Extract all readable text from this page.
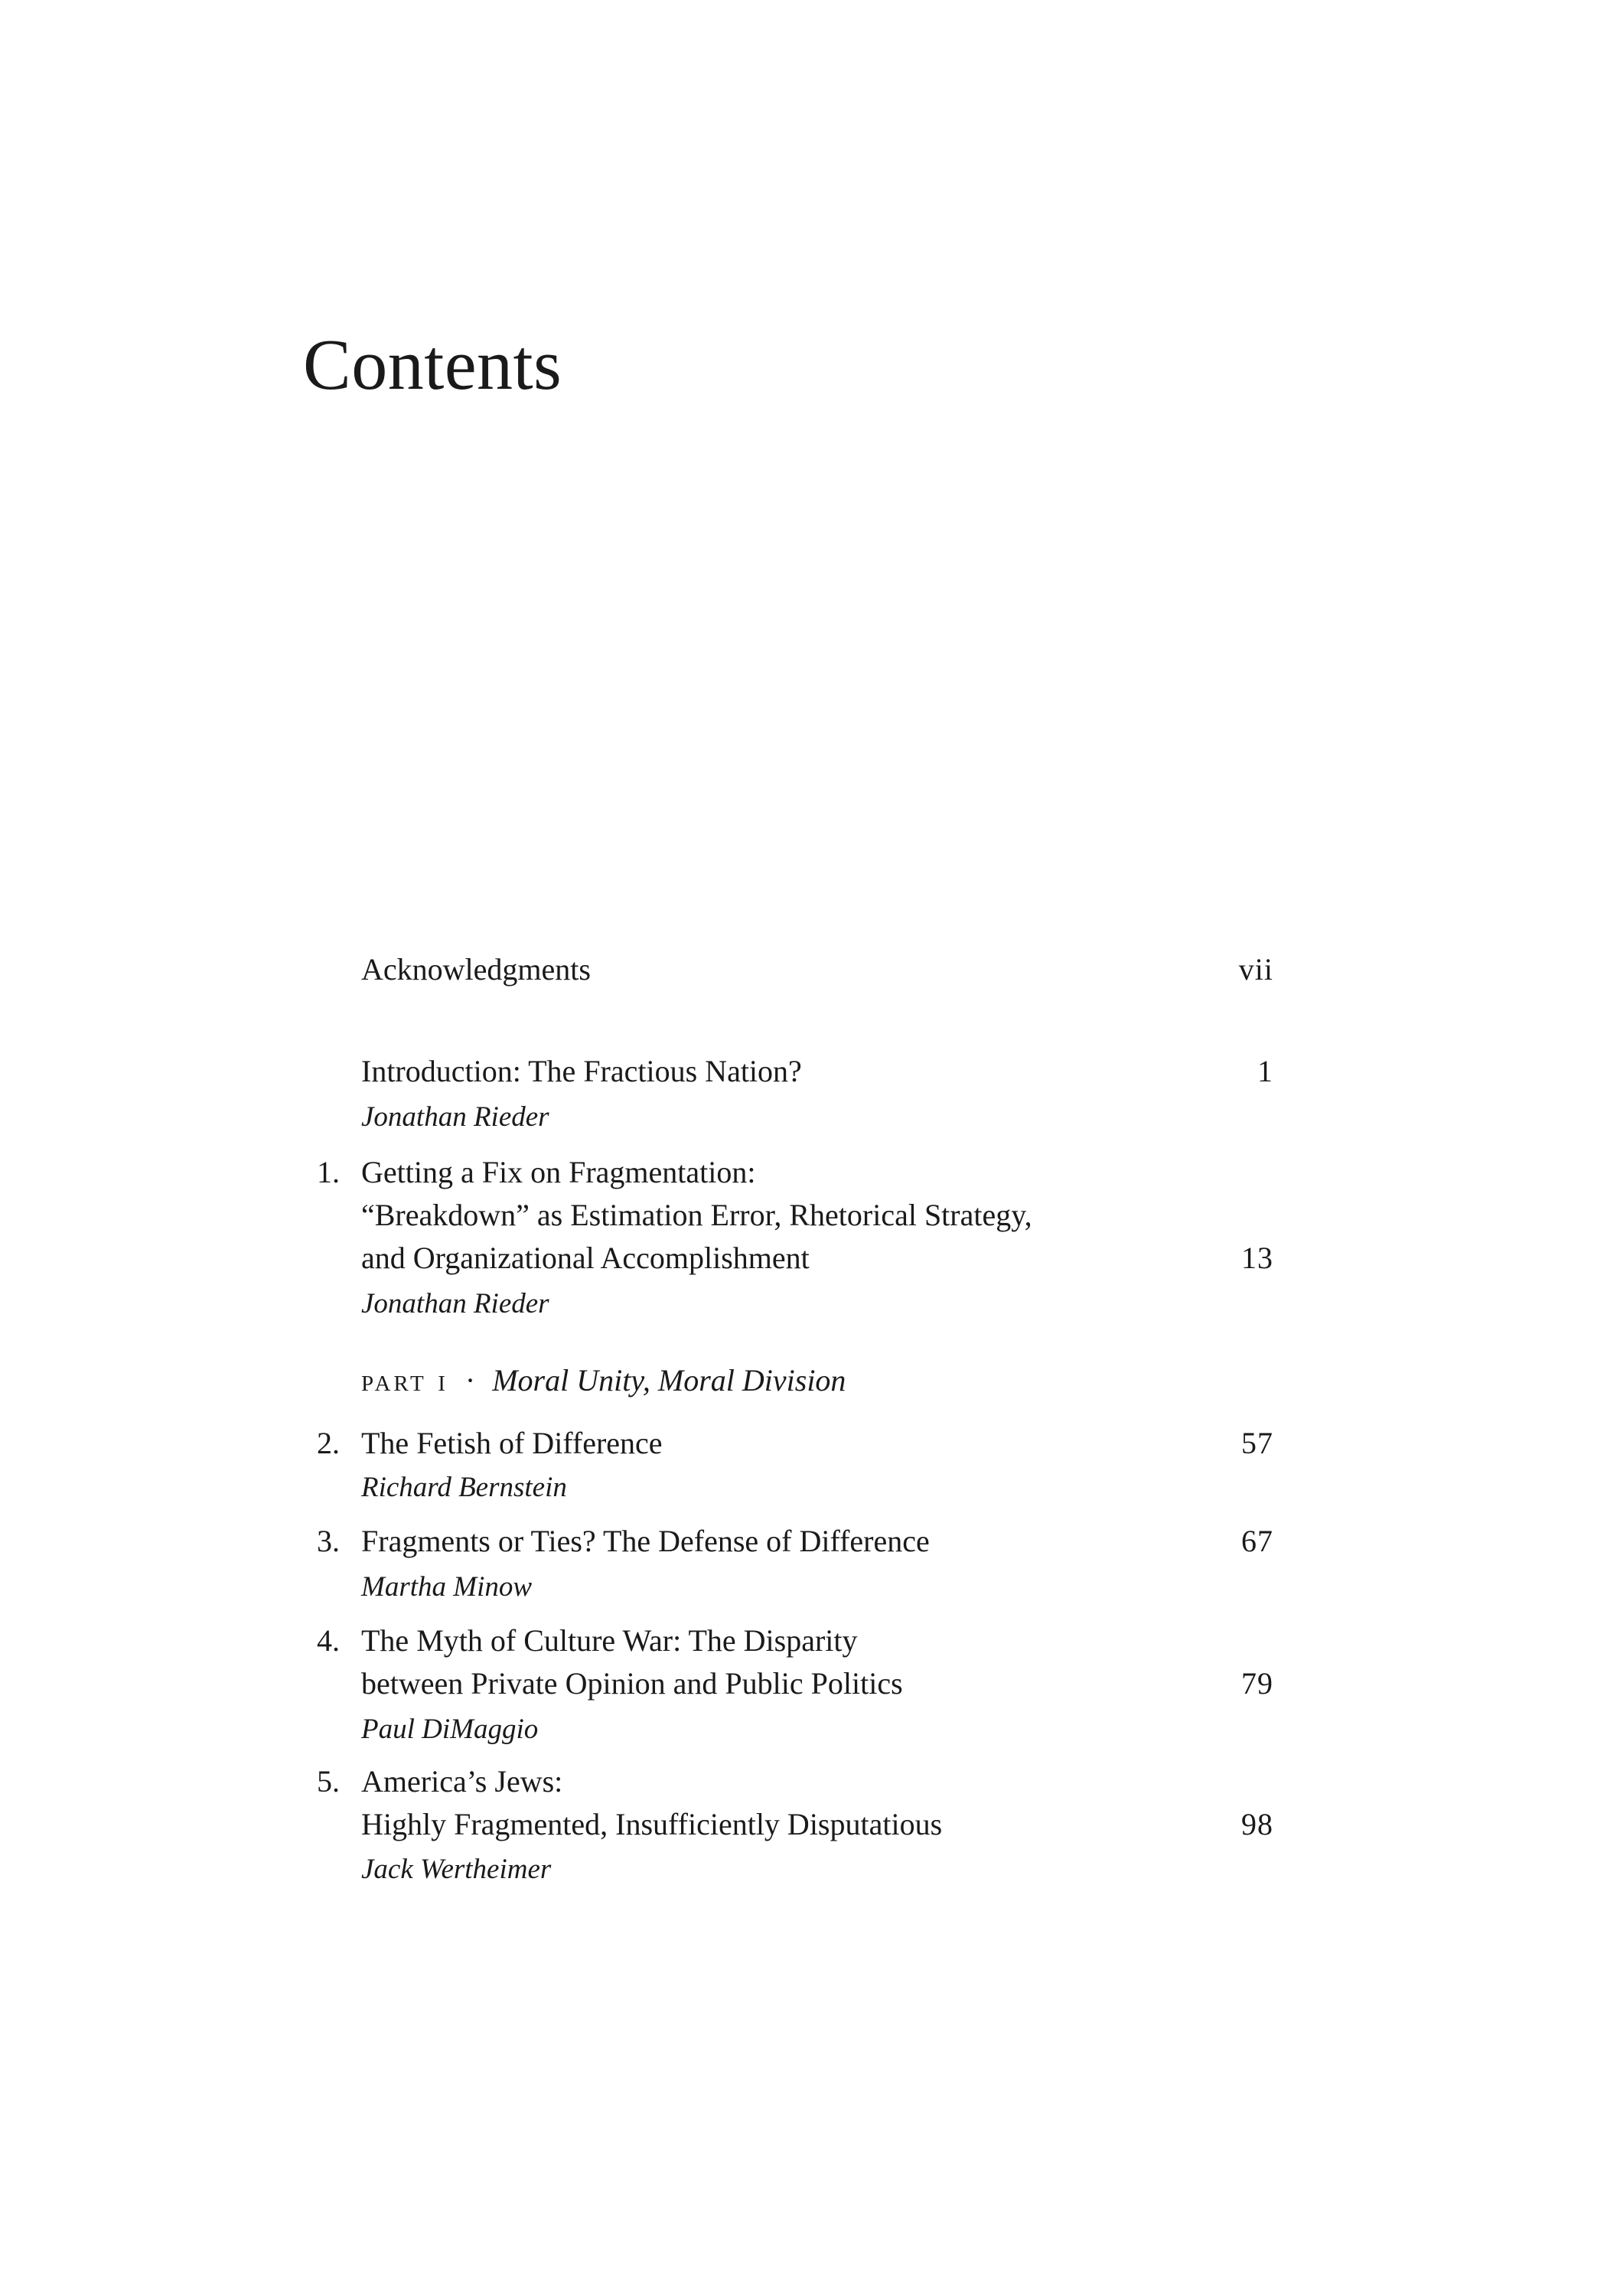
Contents
Acknowledgments	vii
Introduction: The Fractious Nation?	1
Jonathan Rieder
1. Getting a Fix on Fragmentation:
“Breakdown” as Estimation Error, Rhetorical Strategy,
and Organizational Accomplishment	13
Jonathan Rieder
part i · Moral Unity, Moral Division
2. The Fetish of Difference	57
Richard Bernstein
3. Fragments or Ties? The Defense of Difference	67
Martha Minow
4. The Myth of Culture War: The Disparity
between Private Opinion and Public Politics	79
Paul DiMaggio
5. America’s Jews:
Highly Fragmented, Insufficiently Disputatious	98
Jack Wertheimer
